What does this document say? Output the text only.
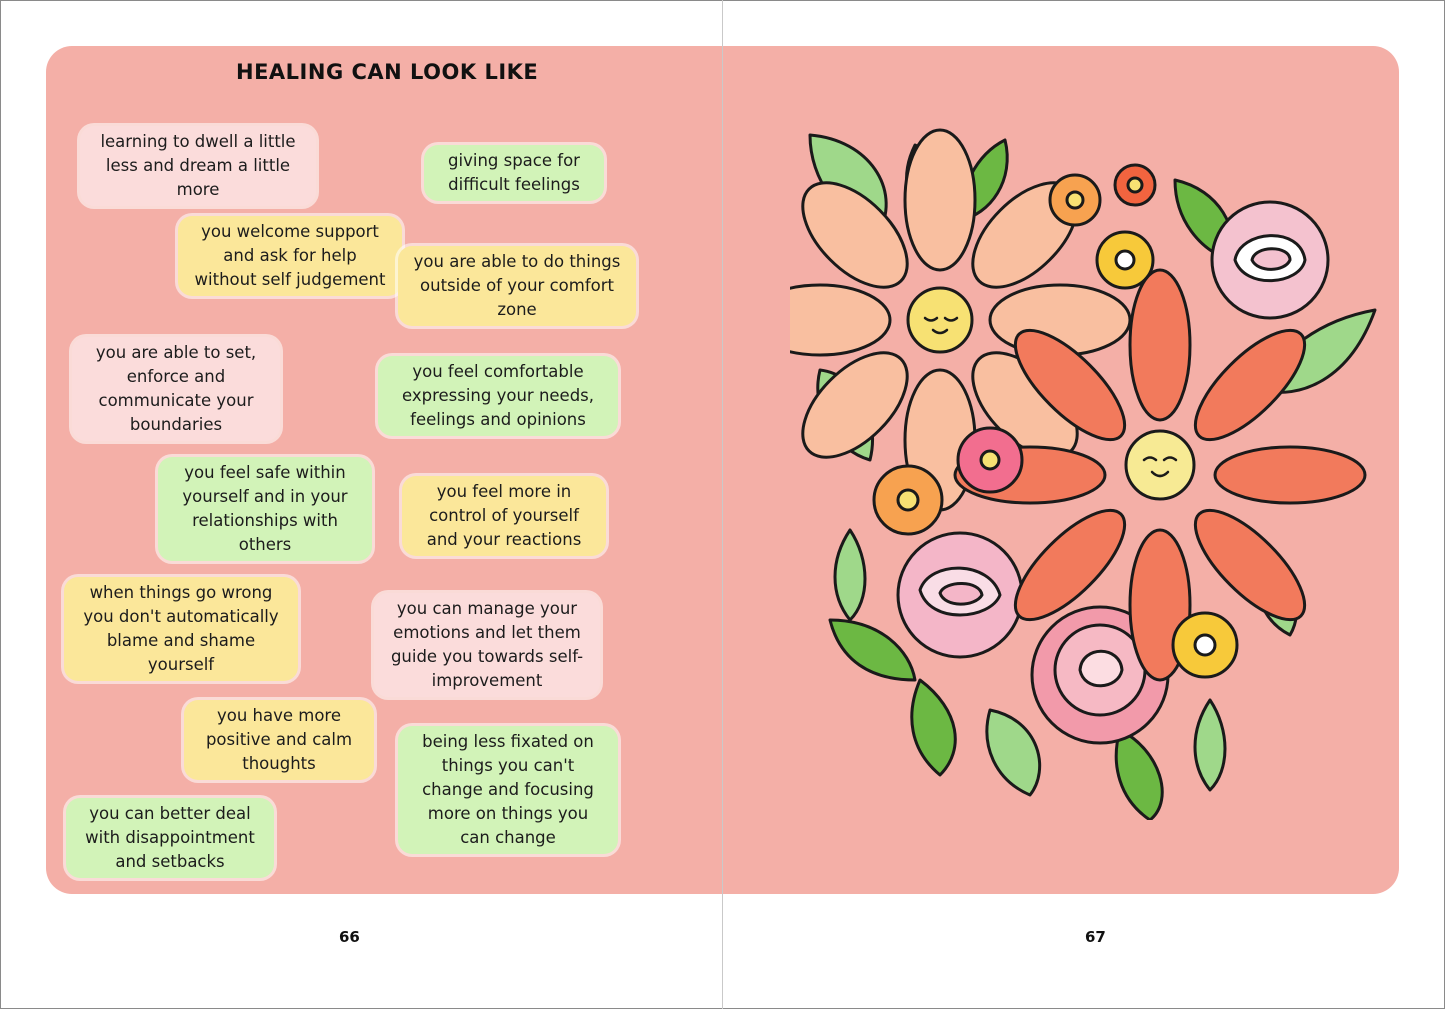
HEALING CAN LOOK LIKE
learning to dwell a little less and dream a little more
you welcome support and ask for help without self judgement
you are able to set, enforce and communicate your boundaries
you feel safe within yourself and in your relationships with others
when things go wrong you don't automatically blame and shame yourself
you have more positive and calm thoughts
you can better deal with disappointment and setbacks
giving space for difficult feelings
you are able to do things outside of your comfort zone
you feel comfortable expressing your needs, feelings and opinions
you feel more in control of yourself and your reactions
you can manage your emotions and let them guide you towards self-improvement
being less fixated on things you can't change and focusing more on things you can change
66	67
